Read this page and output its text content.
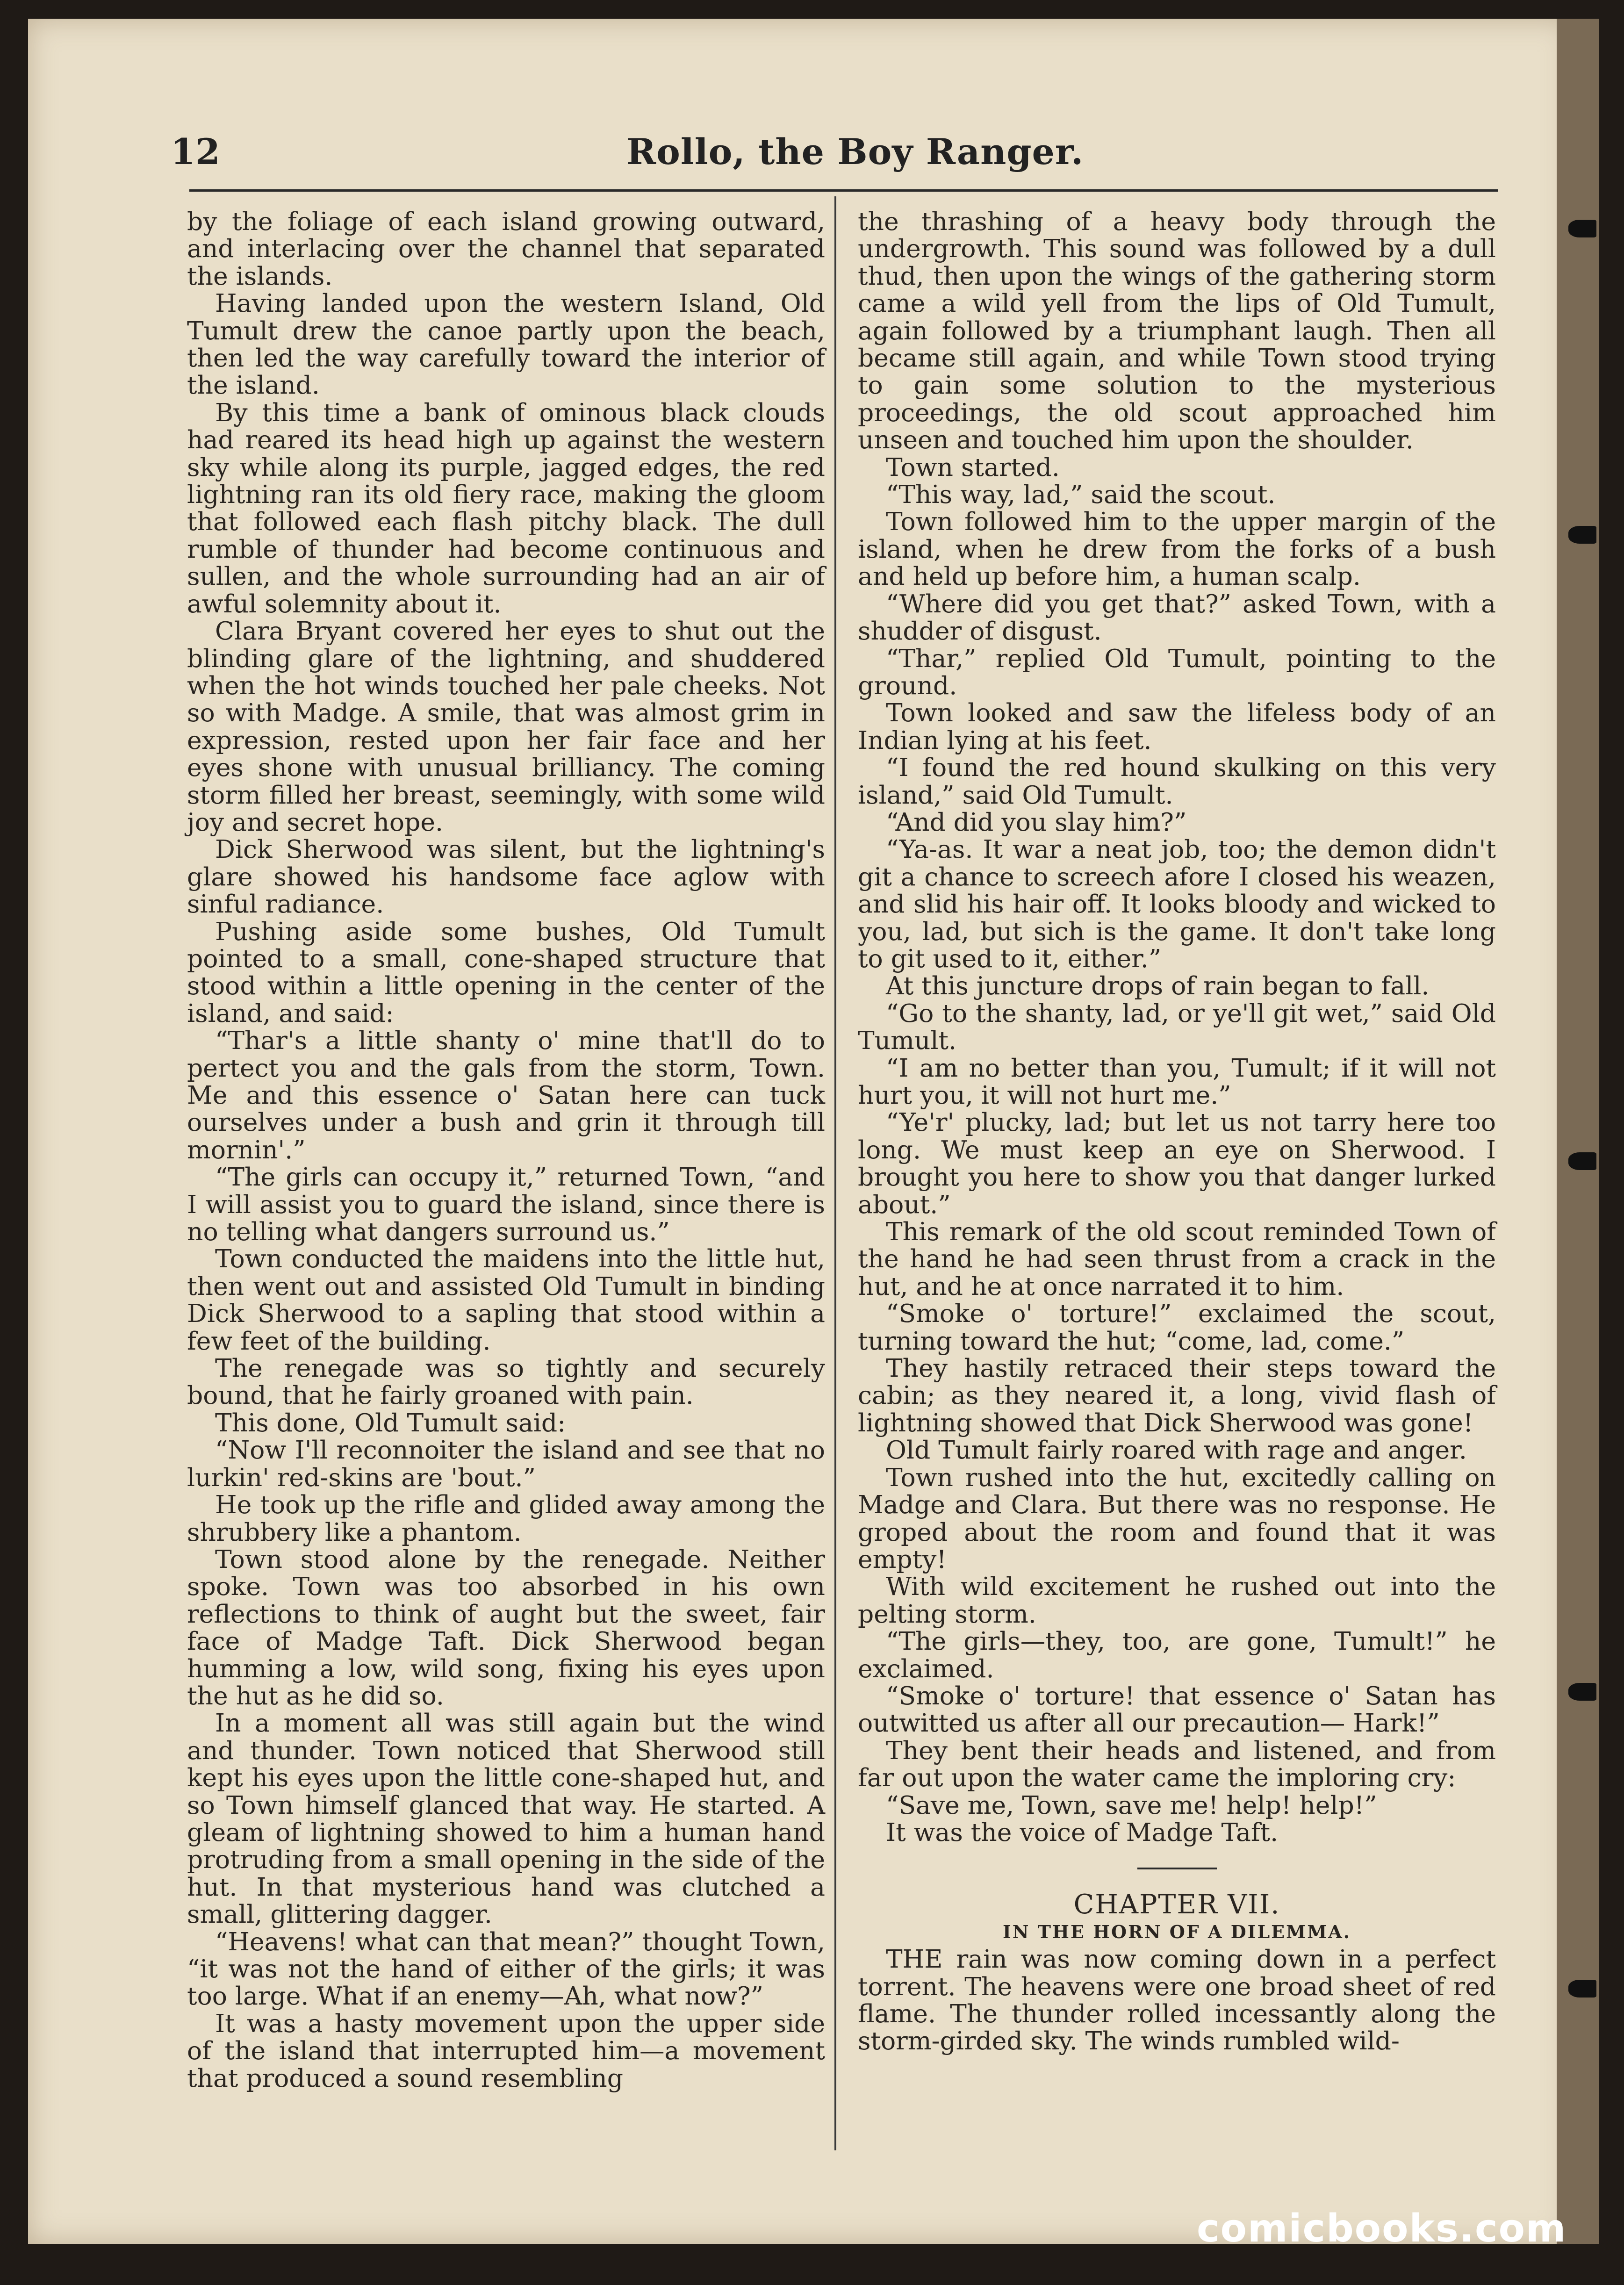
12	Rollo, the Boy Ranger.

by the foliage of each island growing outward, and interlacing over the channel that separated the islands.

Having landed upon the western Island, Old Tumult drew the canoe partly upon the beach, then led the way carefully toward the interior of the island.

By this time a bank of ominous black clouds had reared its head high up against the western sky while along its purple, jagged edges, the red lightning ran its old fiery race, making the gloom that followed each flash pitchy black. The dull rumble of thunder had become continuous and sullen, and the whole surrounding had an air of awful solemnity about it.

Clara Bryant covered her eyes to shut out the blinding glare of the lightning, and shuddered when the hot winds touched her pale cheeks. Not so with Madge. A smile, that was almost grim in expression, rested upon her fair face and her eyes shone with unusual brilliancy. The coming storm filled her breast, seemingly, with some wild joy and secret hope.

Dick Sherwood was silent, but the lightning's glare showed his handsome face aglow with sinful radiance.

Pushing aside some bushes, Old Tumult pointed to a small, cone-shaped structure that stood within a little opening in the center of the island, and said:

“Thar's a little shanty o' mine that'll do to pertect you and the gals from the storm, Town. Me and this essence o' Satan here can tuck ourselves under a bush and grin it through till mornin'.”

“The girls can occupy it,” returned Town, “and I will assist you to guard the island, since there is no telling what dangers surround us.”

Town conducted the maidens into the little hut, then went out and assisted Old Tumult in binding Dick Sherwood to a sapling that stood within a few feet of the building.

The renegade was so tightly and securely bound, that he fairly groaned with pain.

This done, Old Tumult said:

“Now I'll reconnoiter the island and see that no lurkin' red-skins are 'bout.”

He took up the rifle and glided away among the shrubbery like a phantom.

Town stood alone by the renegade. Neither spoke. Town was too absorbed in his own reflections to think of aught but the sweet, fair face of Madge Taft. Dick Sherwood began humming a low, wild song, fixing his eyes upon the hut as he did so.

In a moment all was still again but the wind and thunder. Town noticed that Sherwood still kept his eyes upon the little cone-shaped hut, and so Town himself glanced that way. He started. A gleam of lightning showed to him a human hand protruding from a small opening in the side of the hut. In that mysterious hand was clutched a small, glittering dagger.

“Heavens! what can that mean?” thought Town, “it was not the hand of either of the girls; it was too large. What if an enemy—Ah, what now?”

It was a hasty movement upon the upper side of the island that interrupted him—a movement that produced a sound resembling

the thrashing of a heavy body through the undergrowth. This sound was followed by a dull thud, then upon the wings of the gathering storm came a wild yell from the lips of Old Tumult, again followed by a triumphant laugh. Then all became still again, and while Town stood trying to gain some solution to the mysterious proceedings, the old scout approached him unseen and touched him upon the shoulder.

Town started.

“This way, lad,” said the scout.

Town followed him to the upper margin of the island, when he drew from the forks of a bush and held up before him, a human scalp.

“Where did you get that?” asked Town, with a shudder of disgust.

“Thar,” replied Old Tumult, pointing to the ground.

Town looked and saw the lifeless body of an Indian lying at his feet.

“I found the red hound skulking on this very island,” said Old Tumult.

“And did you slay him?”

“Ya-as. It war a neat job, too; the demon didn't git a chance to screech afore I closed his weazen, and slid his hair off. It looks bloody and wicked to you, lad, but sich is the game. It don't take long to git used to it, either.”

At this juncture drops of rain began to fall.

“Go to the shanty, lad, or ye'll git wet,” said Old Tumult.

“I am no better than you, Tumult; if it will not hurt you, it will not hurt me.”

“Ye'r' plucky, lad; but let us not tarry here too long. We must keep an eye on Sherwood. I brought you here to show you that danger lurked about.”

This remark of the old scout reminded Town of the hand he had seen thrust from a crack in the hut, and he at once narrated it to him.

“Smoke o' torture!” exclaimed the scout, turning toward the hut; “come, lad, come.”

They hastily retraced their steps toward the cabin; as they neared it, a long, vivid flash of lightning showed that Dick Sherwood was gone!

Old Tumult fairly roared with rage and anger.

Town rushed into the hut, excitedly calling on Madge and Clara. But there was no response. He groped about the room and found that it was empty!

With wild excitement he rushed out into the pelting storm.

“The girls—they, too, are gone, Tumult!” he exclaimed.

“Smoke o' torture! that essence o' Satan has outwitted us after all our precaution— Hark!”

They bent their heads and listened, and from far out upon the water came the imploring cry:

“Save me, Town, save me! help! help!”

It was the voice of Madge Taft.

CHAPTER VII.

IN THE HORN OF A DILEMMA.

THE rain was now coming down in a perfect torrent. The heavens were one broad sheet of red flame. The thunder rolled incessantly along the storm-girded sky. The winds rumbled wild-

comicbooks.com
